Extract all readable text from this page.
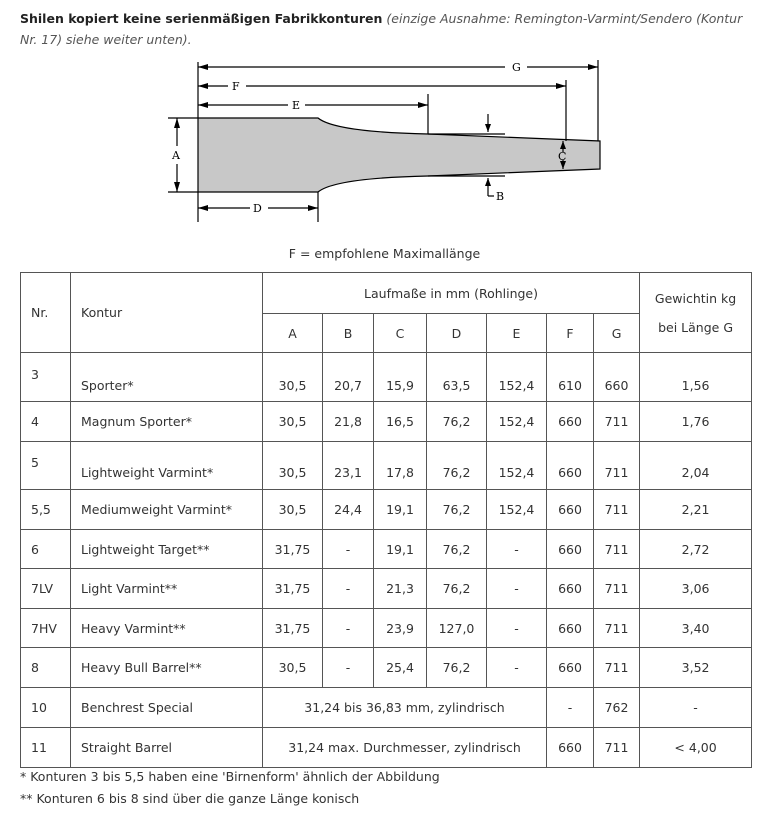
Shilen kopiert keine serienmäßigen Fabrikkonturen (einzige Ausnahme: Remington-Varmint/Sendero (Kontur Nr. 17) siehe weiter unten).
G
F
E
A	C
B
D
F = empfohlene Maximallänge
Nr.	Kontur	Laufmaße in mm (Rohlinge)							Gewichtin kg
bei Länge G
		A	B	C	D	E	F	G	
3	Sporter*	30,5	20,7	15,9	63,5	152,4	610	660	1,56
4	Magnum Sporter*	30,5	21,8	16,5	76,2	152,4	660	711	1,76
5	Lightweight Varmint*	30,5	23,1	17,8	76,2	152,4	660	711	2,04
5,5	Mediumweight Varmint*	30,5	24,4	19,1	76,2	152,4	660	711	2,21
6	Lightweight Target**	31,75	-	19,1	76,2	-	660	711	2,72
7LV	Light Varmint**	31,75	-	21,3	76,2	-	660	711	3,06
7HV	Heavy Varmint**	31,75	-	23,9	127,0	-	660	711	3,40
8	Heavy Bull Barrel**	30,5	-	25,4	76,2	-	660	711	3,52
10	Benchrest Special	31,24 bis 36,83 mm, zylindrisch					-	762	-
11	Straight Barrel	31,24 max. Durchmesser, zylindrisch					660	711	< 4,00
* Konturen 3 bis 5,5 haben eine 'Birnenform' ähnlich der Abbildung
** Konturen 6 bis 8 sind über die ganze Länge konisch
